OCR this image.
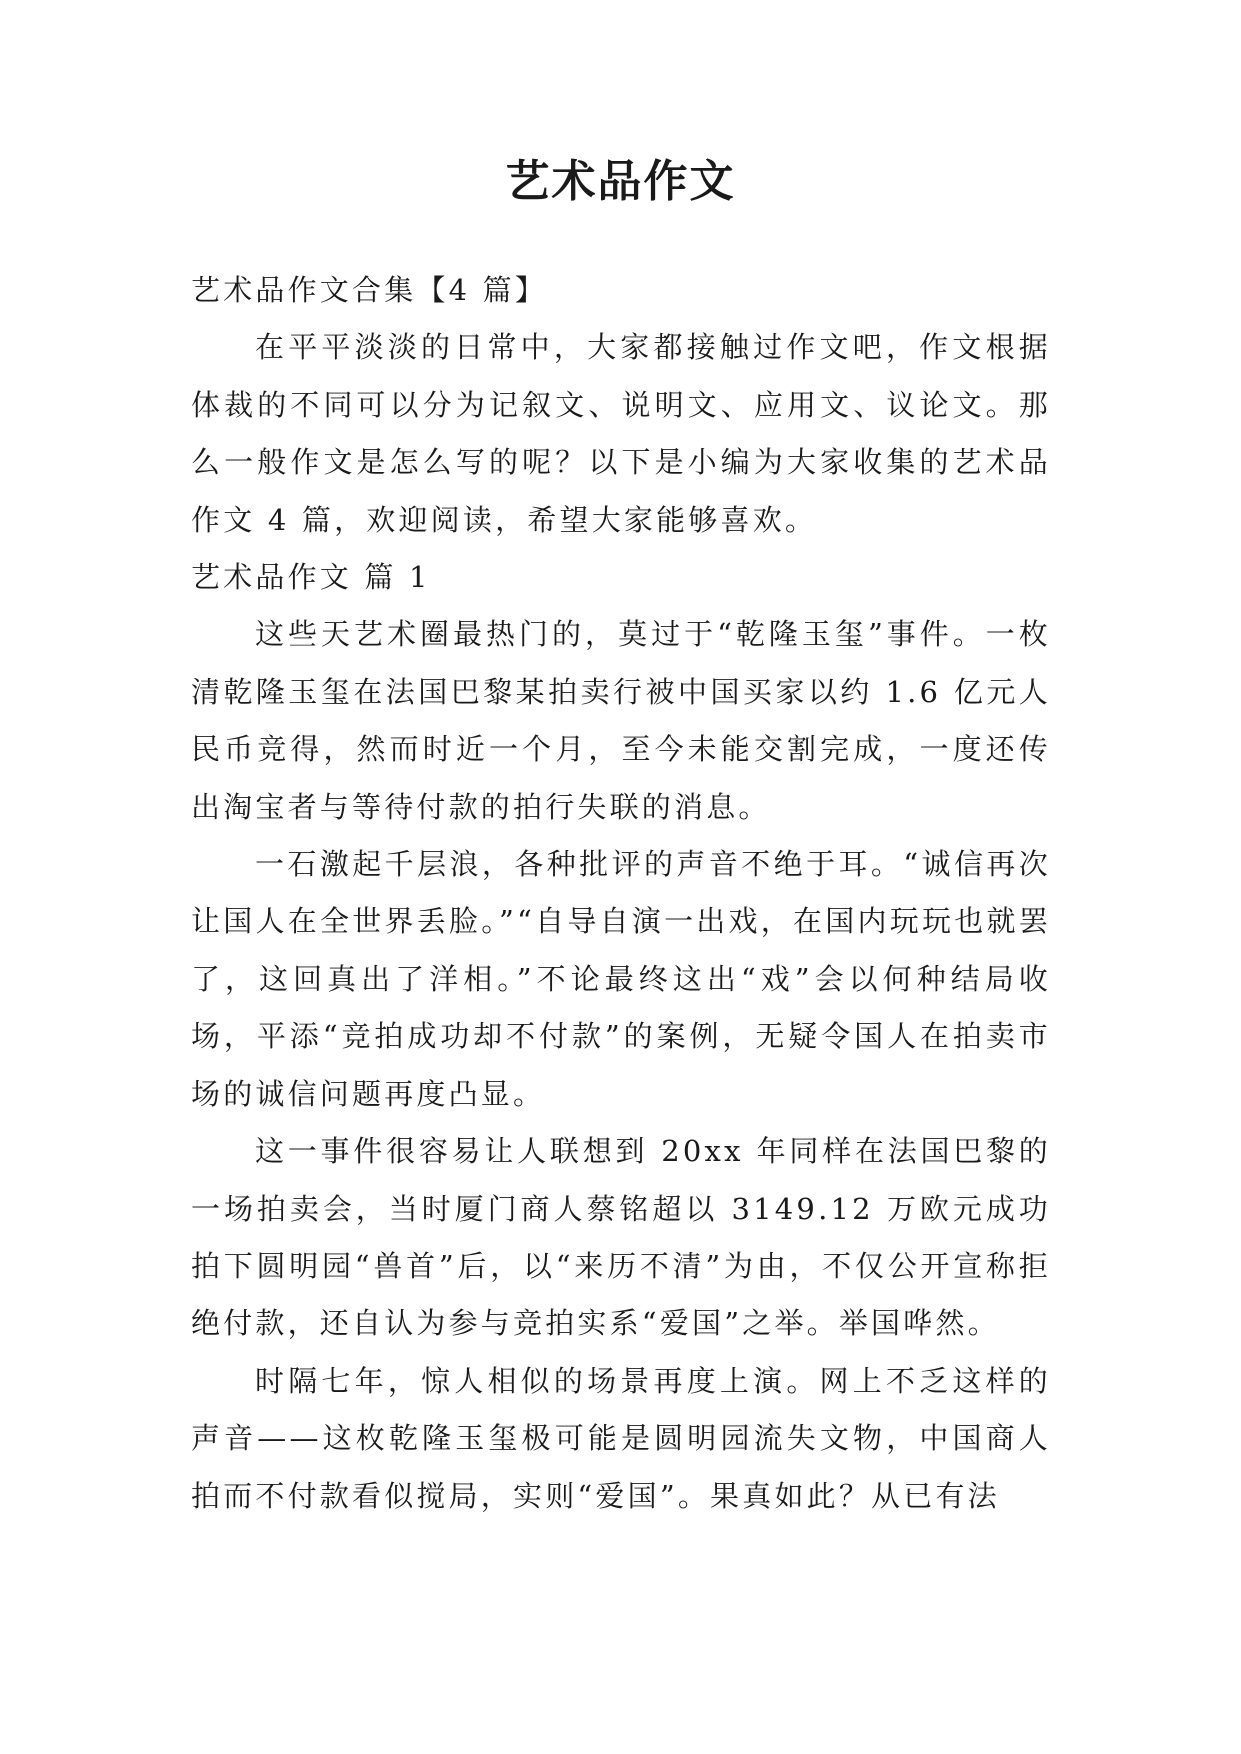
艺术品作文

艺术品作文合集【4 篇】

在平平淡淡的日常中，大家都接触过作文吧，作文根据体裁的不同可以分为记叙文、说明文、应用文、议论文。那么一般作文是怎么写的呢？以下是小编为大家收集的艺术品作文 4 篇，欢迎阅读，希望大家能够喜欢。

艺术品作文 篇 1

这些天艺术圈最热门的，莫过于“乾隆玉玺”事件。一枚清乾隆玉玺在法国巴黎某拍卖行被中国买家以约 1.6 亿元人民币竞得，然而时近一个月，至今未能交割完成，一度还传出淘宝者与等待付款的拍行失联的消息。

一石激起千层浪，各种批评的声音不绝于耳。“诚信再次让国人在全世界丢脸。”“自导自演一出戏，在国内玩玩也就罢了，这回真出了洋相。”不论最终这出“戏”会以何种结局收场，平添“竞拍成功却不付款”的案例，无疑令国人在拍卖市场的诚信问题再度凸显。

这一事件很容易让人联想到 20xx 年同样在法国巴黎的一场拍卖会，当时厦门商人蔡铭超以 3149.12 万欧元成功拍下圆明园“兽首”后，以“来历不清”为由，不仅公开宣称拒绝付款，还自认为参与竞拍实系“爱国”之举。举国哗然。

时隔七年，惊人相似的场景再度上演。网上不乏这样的声音——这枚乾隆玉玺极可能是圆明园流失文物，中国商人拍而不付款看似搅局，实则“爱国”。果真如此？从已有法
